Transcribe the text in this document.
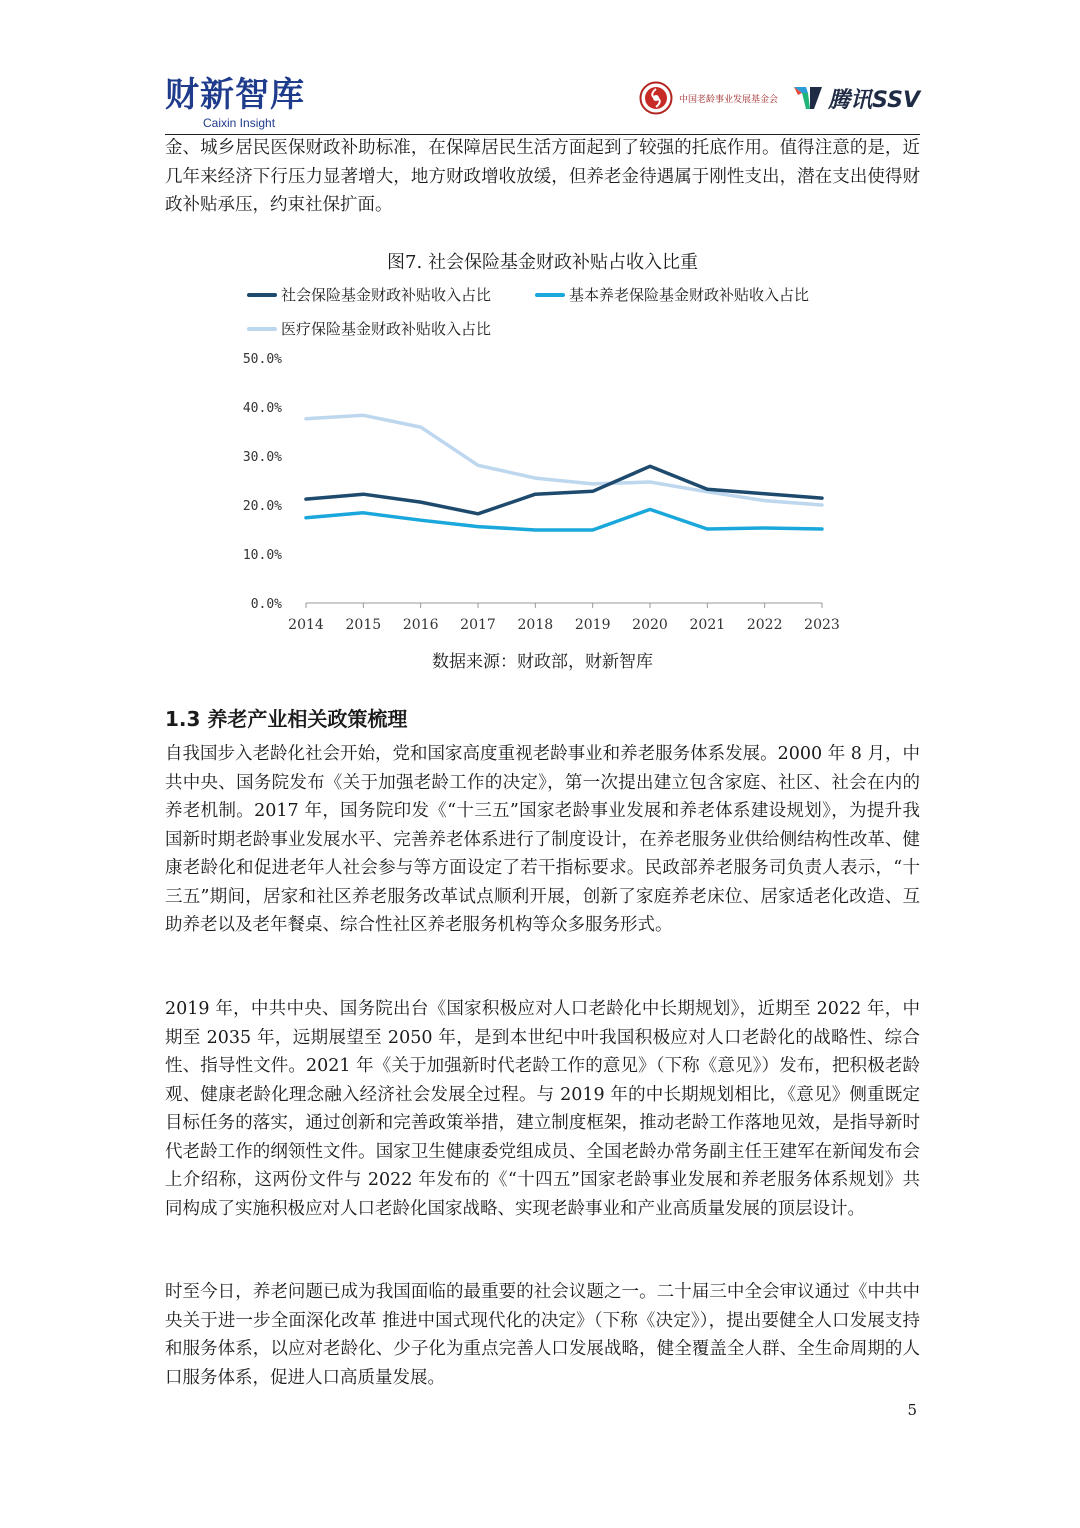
财新智库
Caixin Insight
中国老龄事业发展基金会 腾讯SSV

金、城乡居民医保财政补助标准，在保障居民生活方面起到了较强的托底作用。值得注意的是，近几年来经济下行压力显著增大，地方财政增收放缓，但养老金待遇属于刚性支出，潜在支出使得财政补贴承压，约束社保扩面。

图7. 社会保险基金财政补贴占收入比重
社会保险基金财政补贴收入占比	基本养老保险基金财政补贴收入占比
医疗保险基金财政补贴收入占比
0.0%
10.0%
20.0%
30.0%
40.0%
50.0%
2014 2015 2016 2017 2018 2019 2020 2021 2022 2023
数据来源：财政部，财新智库
1.3 养老产业相关政策梳理

自我国步入老龄化社会开始，党和国家高度重视老龄事业和养老服务体系发展。2000 年 8 月，中共中央、国务院发布《关于加强老龄工作的决定》，第一次提出建立包含家庭、社区、社会在内的养老机制。2017 年，国务院印发《“十三五”国家老龄事业发展和养老体系建设规划》，为提升我国新时期老龄事业发展水平、完善养老体系进行了制度设计，在养老服务业供给侧结构性改革、健康老龄化和促进老年人社会参与等方面设定了若干指标要求。民政部养老服务司负责人表示，“十三五”期间，居家和社区养老服务改革试点顺利开展，创新了家庭养老床位、居家适老化改造、互助养老以及老年餐桌、综合性社区养老服务机构等众多服务形式。

2019 年，中共中央、国务院出台《国家积极应对人口老龄化中长期规划》，近期至 2022 年，中期至 2035 年，远期展望至 2050 年，是到本世纪中叶我国积极应对人口老龄化的战略性、综合性、指导性文件。2021 年《关于加强新时代老龄工作的意见》（下称《意见》）发布，把积极老龄观、健康老龄化理念融入经济社会发展全过程。与 2019 年的中长期规划相比，《意见》侧重既定目标任务的落实，通过创新和完善政策举措，建立制度框架，推动老龄工作落地见效，是指导新时代老龄工作的纲领性文件。国家卫生健康委党组成员、全国老龄办常务副主任王建军在新闻发布会上介绍称，这两份文件与 2022 年发布的《“十四五”国家老龄事业发展和养老服务体系规划》共同构成了实施积极应对人口老龄化国家战略、实现老龄事业和产业高质量发展的顶层设计。

时至今日，养老问题已成为我国面临的最重要的社会议题之一。二十届三中全会审议通过《中共中央关于进一步全面深化改革 推进中国式现代化的决定》（下称《决定》），提出要健全人口发展支持和服务体系，以应对老龄化、少子化为重点完善人口发展战略，健全覆盖全人群、全生命周期的人口服务体系，促进人口高质量发展。

5
